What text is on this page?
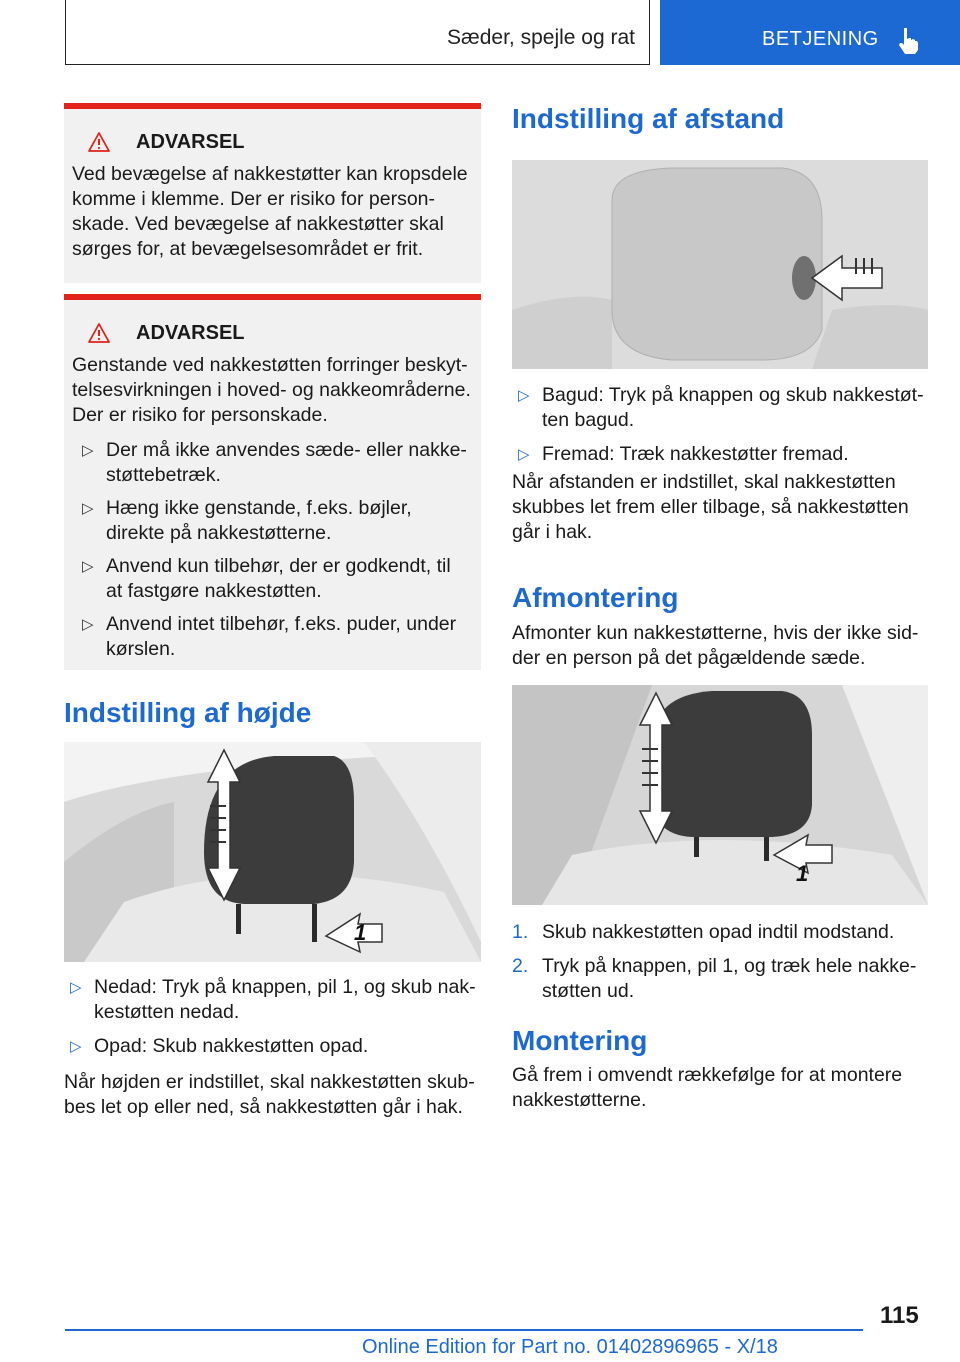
Sæder, spejle og rat	BETJENING
ADVARSEL
Ved bevægelse af nakkestøtter kan kropsdele komme i klemme. Der er risiko for personskade. Ved bevægelse af nakkestøtter skal sørges for, at bevægelsesområdet er frit.
ADVARSEL
Genstande ved nakkestøtten forringer beskyttelsesvirkningen i hoved- og nakkeområderne. Der er risiko for personskade.
▷ Der må ikke anvendes sæde- eller nakkestøttebetræk.
▷ Hæng ikke genstande, f.eks. bøjler, direkte på nakkestøtterne.
▷ Anvend kun tilbehør, der er godkendt, til at fastgøre nakkestøtten.
▷ Anvend intet tilbehør, f.eks. puder, under kørslen.
Indstilling af højde
1
▷ Nedad: Tryk på knappen, pil 1, og skub nakkestøtten nedad.
▷ Opad: Skub nakkestøtten opad.
Når højden er indstillet, skal nakkestøtten skubbes let op eller ned, så nakkestøtten går i hak.
Indstilling af afstand
▷ Bagud: Tryk på knappen og skub nakkestøtten bagud.
▷ Fremad: Træk nakkestøtter fremad.
Når afstanden er indstillet, skal nakkestøtten skubbes let frem eller tilbage, så nakkestøtten går i hak.
Afmontering
Afmonter kun nakkestøtterne, hvis der ikke sidder en person på det pågældende sæde.
1
1. Skub nakkestøtten opad indtil modstand.
2. Tryk på knappen, pil 1, og træk hele nakkestøtten ud.
Montering
Gå frem i omvendt rækkefølge for at montere nakkestøtterne.
115
Online Edition for Part no. 01402896965 - X/18
